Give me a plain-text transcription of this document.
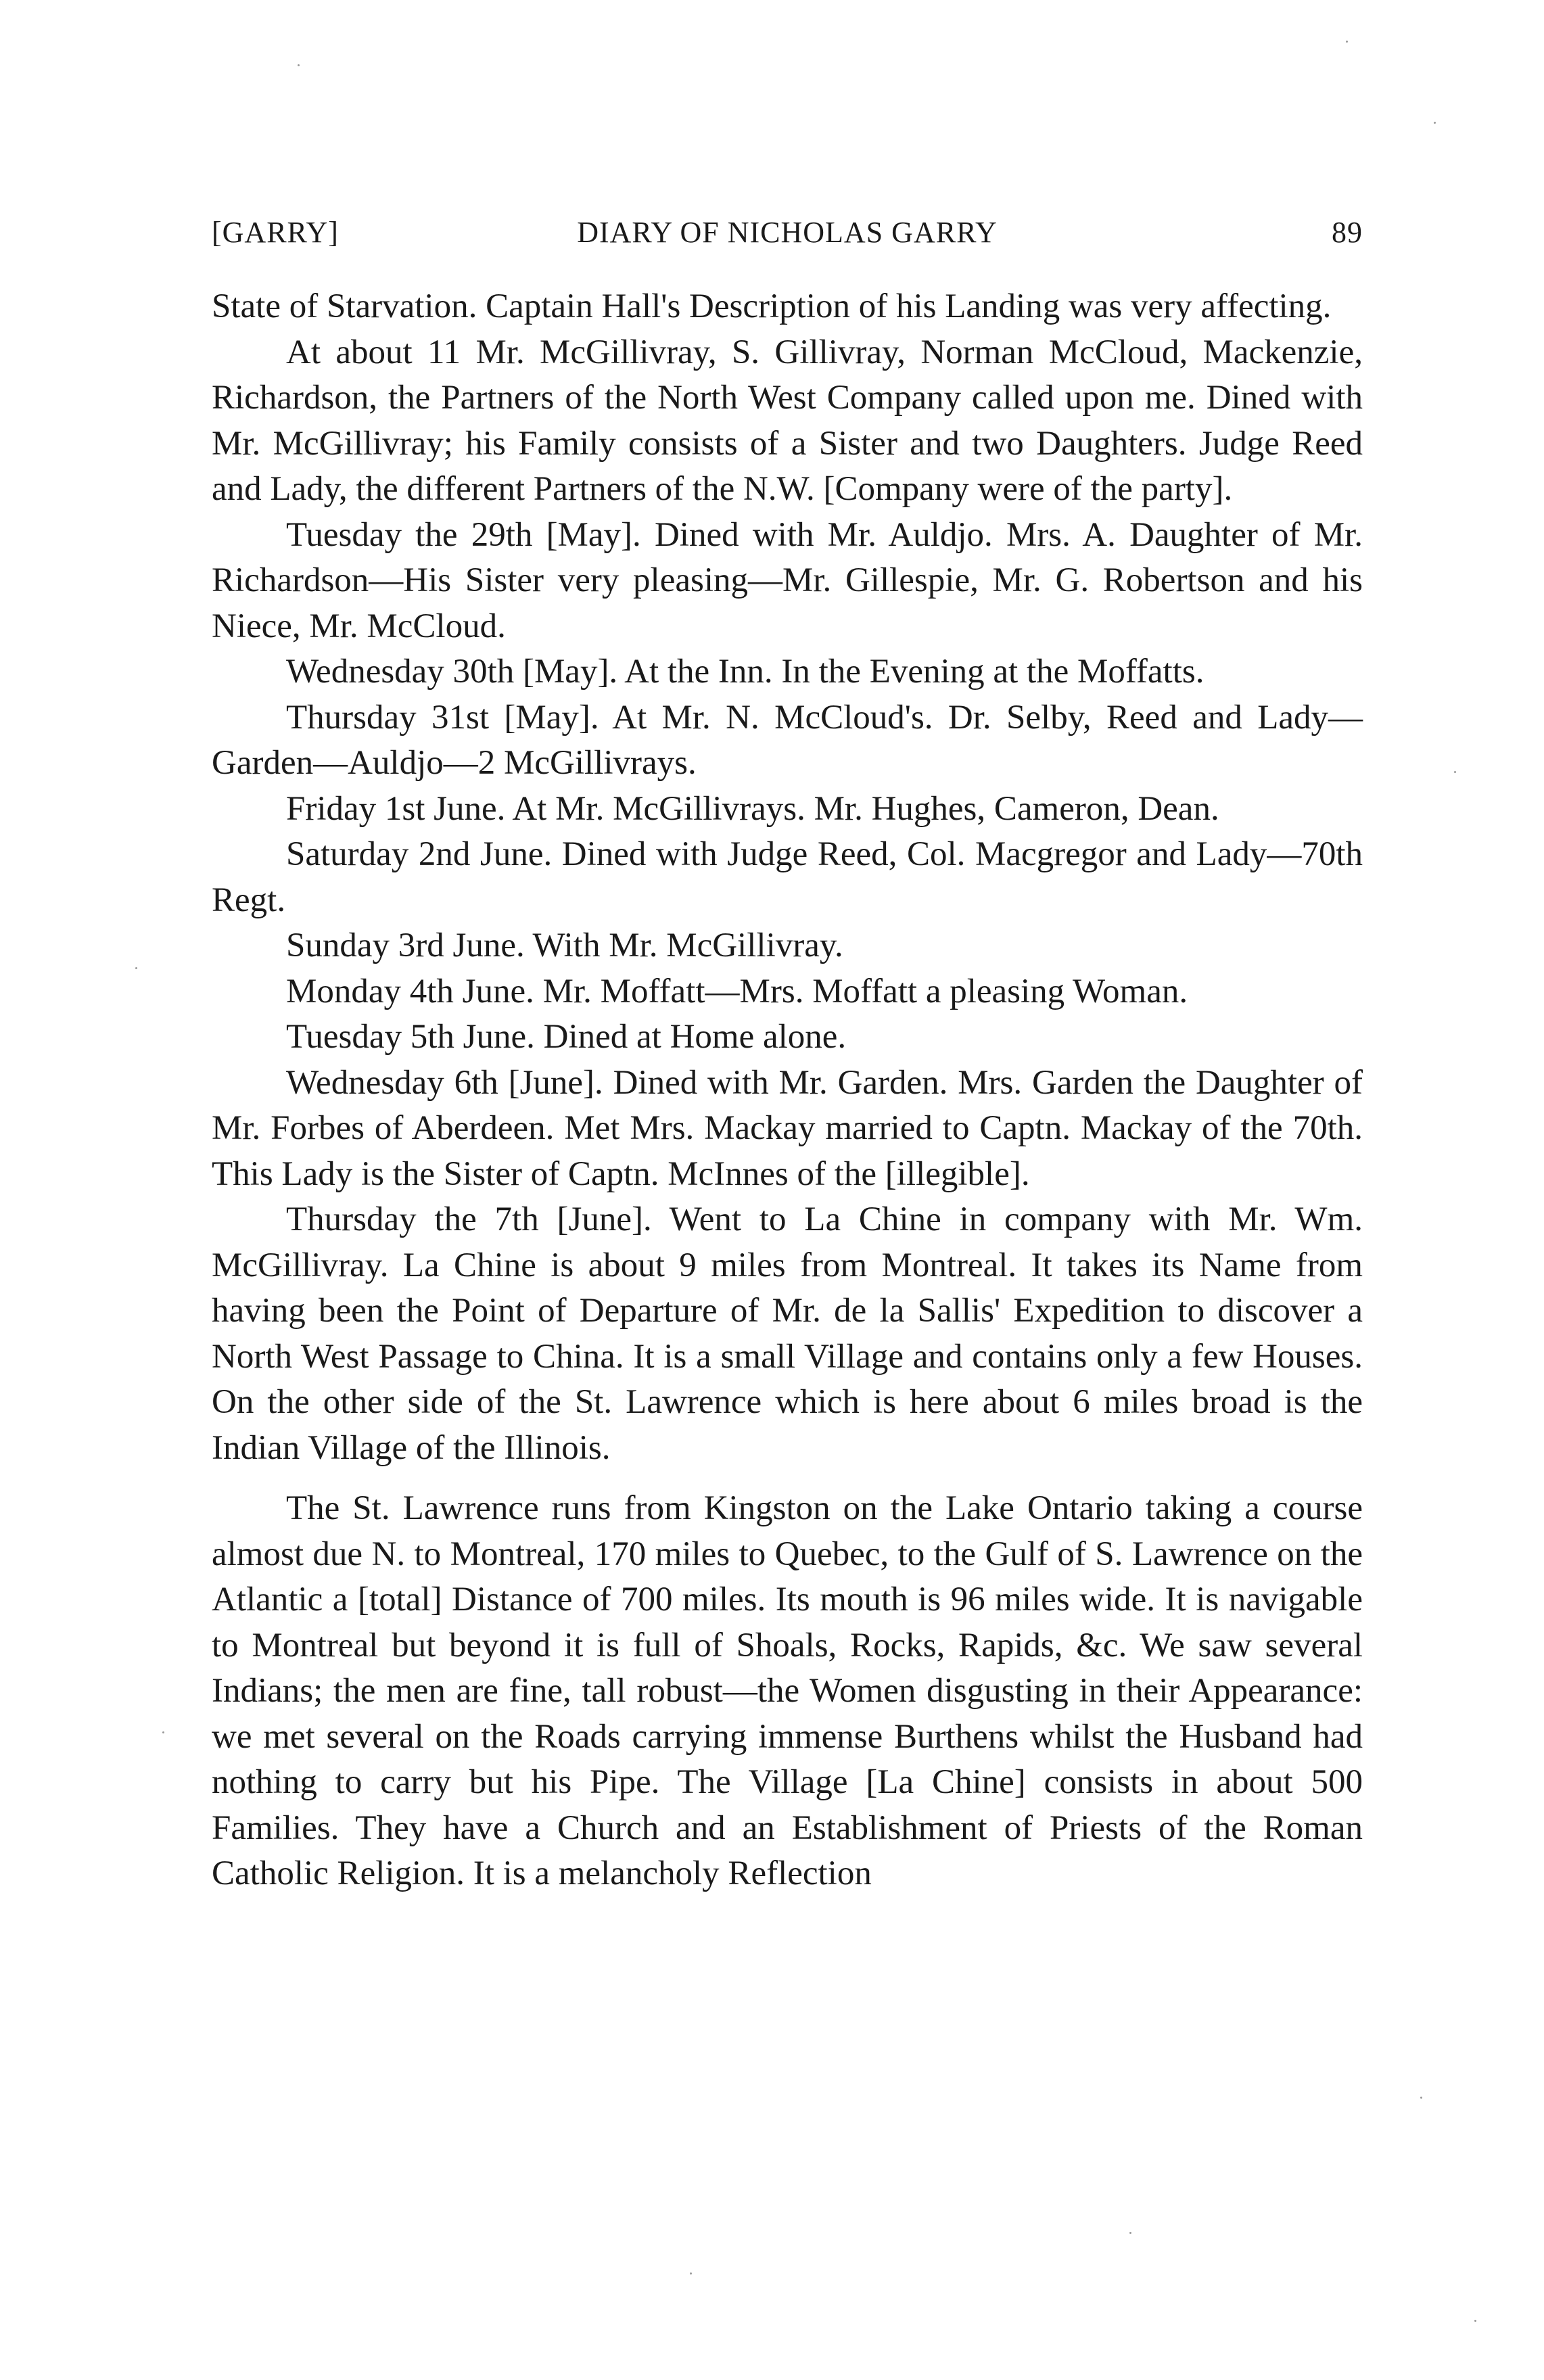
[GARRY]	DIARY OF NICHOLAS GARRY	89

State of Starvation. Captain Hall's Description of his Landing was very affecting.

At about 11 Mr. McGillivray, S. Gillivray, Norman McCloud, Mackenzie, Richardson, the Partners of the North West Company called upon me. Dined with Mr. McGillivray; his Family consists of a Sister and two Daughters. Judge Reed and Lady, the different Partners of the N.W. [Company were of the party].

Tuesday the 29th [May]. Dined with Mr. Auldjo. Mrs. A. Daughter of Mr. Richardson—His Sister very pleasing—Mr. Gillespie, Mr. G. Robertson and his Niece, Mr. McCloud.

Wednesday 30th [May]. At the Inn. In the Evening at the Moffatts.

Thursday 31st [May]. At Mr. N. McCloud's. Dr. Selby, Reed and Lady—Garden—Auldjo—2 McGillivrays.

Friday 1st June. At Mr. McGillivrays. Mr. Hughes, Cameron, Dean.

Saturday 2nd June. Dined with Judge Reed, Col. Macgregor and Lady—70th Regt.

Sunday 3rd June. With Mr. McGillivray.

Monday 4th June. Mr. Moffatt—Mrs. Moffatt a pleasing Woman.

Tuesday 5th June. Dined at Home alone.

Wednesday 6th [June]. Dined with Mr. Garden. Mrs. Garden the Daughter of Mr. Forbes of Aberdeen. Met Mrs. Mackay married to Captn. Mackay of the 70th. This Lady is the Sister of Captn. McInnes of the [illegible].

Thursday the 7th [June]. Went to La Chine in company with Mr. Wm. McGillivray. La Chine is about 9 miles from Montreal. It takes its Name from having been the Point of Departure of Mr. de la Sallis' Expedition to discover a North West Passage to China. It is a small Village and contains only a few Houses. On the other side of the St. Lawrence which is here about 6 miles broad is the Indian Village of the Illinois.

The St. Lawrence runs from Kingston on the Lake Ontario taking a course almost due N. to Montreal, 170 miles to Quebec, to the Gulf of S. Lawrence on the Atlantic a [total] Distance of 700 miles. Its mouth is 96 miles wide. It is navigable to Montreal but beyond it is full of Shoals, Rocks, Rapids, &c. We saw several Indians; the men are fine, tall robust—the Women disgusting in their Appearance: we met several on the Roads carrying immense Burthens whilst the Husband had nothing to carry but his Pipe. The Village [La Chine] consists in about 500 Families. They have a Church and an Establishment of Priests of the Roman Catholic Religion. It is a melancholy Reflection
